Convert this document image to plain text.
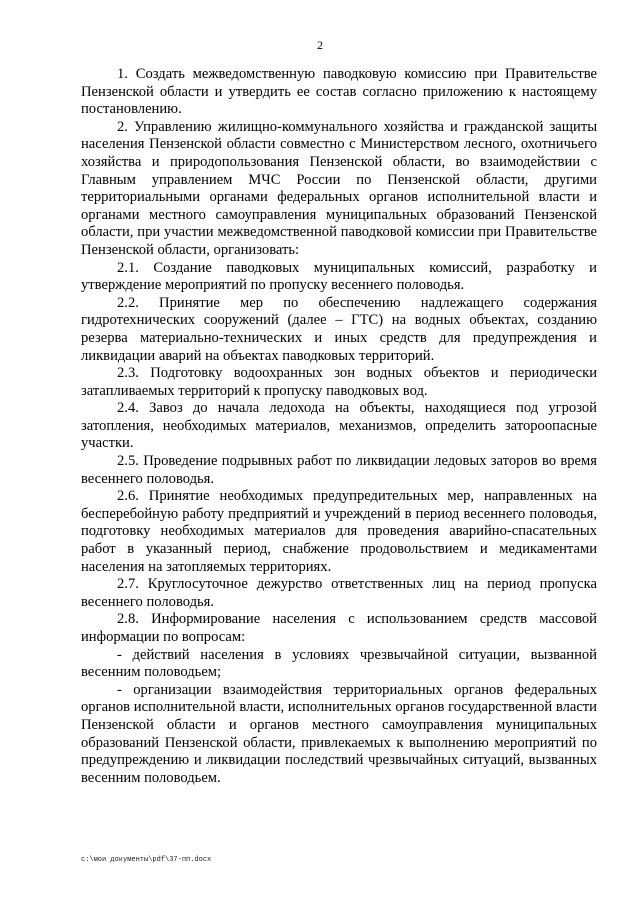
2

1. Создать межведомственную паводковую комиссию при Правительстве Пензенской области и утвердить ее состав согласно приложению к настоящему постановлению.

2. Управлению жилищно-коммунального хозяйства и гражданской защиты населения Пензенской области совместно с Министерством лесного, охотничьего хозяйства и природопользования Пензенской области, во взаимодействии с Главным управлением МЧС России по Пензенской области, другими территориальными органами федеральных органов исполнительной власти и органами местного самоуправления муниципальных образований Пензенской области, при участии межведомственной паводковой комиссии при Правительстве Пензенской области, организовать:

2.1. Создание паводковых муниципальных комиссий, разработку и утверждение мероприятий по пропуску весеннего половодья.

2.2. Принятие мер по обеспечению надлежащего содержания гидротехнических сооружений (далее – ГТС) на водных объектах, созданию резерва материально-технических и иных средств для предупреждения и ликвидации аварий на объектах паводковых территорий.

2.3. Подготовку водоохранных зон водных объектов и периодически затапливаемых территорий к пропуску паводковых вод.

2.4. Завоз до начала ледохода на объекты, находящиеся под угрозой затопления, необходимых материалов, механизмов, определить затороопасные участки.

2.5. Проведение подрывных работ по ликвидации ледовых заторов во время весеннего половодья.

2.6. Принятие необходимых предупредительных мер, направленных на бесперебойную работу предприятий и учреждений в период весеннего половодья, подготовку необходимых материалов для проведения аварийно-спасательных работ в указанный период, снабжение продовольствием и медикаментами населения на затопляемых территориях.

2.7. Круглосуточное дежурство ответственных лиц на период пропуска весеннего половодья.

2.8. Информирование населения с использованием средств массовой информации по вопросам:

- действий населения в условиях чрезвычайной ситуации, вызванной весенним половодьем;

- организации взаимодействия территориальных органов федеральных органов исполнительной власти, исполнительных органов государственной власти Пензенской области и органов местного самоуправления муниципальных образований Пензенской области, привлекаемых к выполнению мероприятий по предупреждению и ликвидации последствий чрезвычайных ситуаций, вызванных весенним половодьем.

c:\мои документы\pdf\37-пп.docx
